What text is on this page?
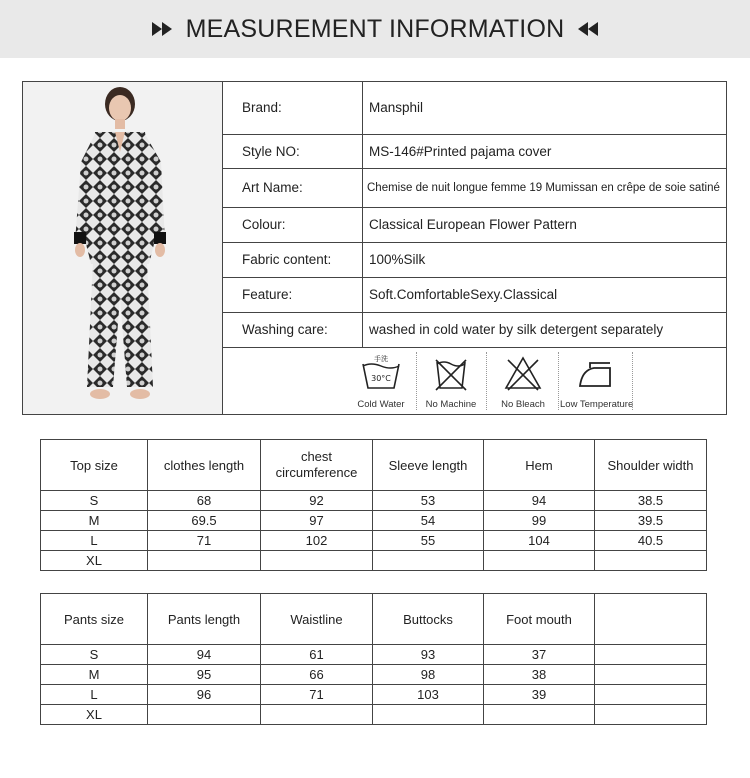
MEASUREMENT INFORMATION
Brand:	Mansphil
Style NO:	MS-146#Printed pajama cover
Art Name:	Chemise de nuit longue femme 19 Mumissan en crêpe de soie satiné
Colour:	Classical European Flower Pattern
Fabric content:	100%Silk
Feature:	Soft.ComfortableSexy.Classical
Washing care:	washed in cold water by silk detergent separately
手洗
30°C
Cold Water	No Machine	No Bleach	Low Temperature
Top size	clothes length	chest circumference	Sleeve length	Hem	Shoulder width
S	68	92	53	94	38.5
M	69.5	97	54	99	39.5
L	71	102	55	104	40.5
XL					
Pants size	Pants length	Waistline	Buttocks	Foot mouth	
S	94	61	93	37	
M	95	66	98	38	
L	96	71	103	39	
XL					
